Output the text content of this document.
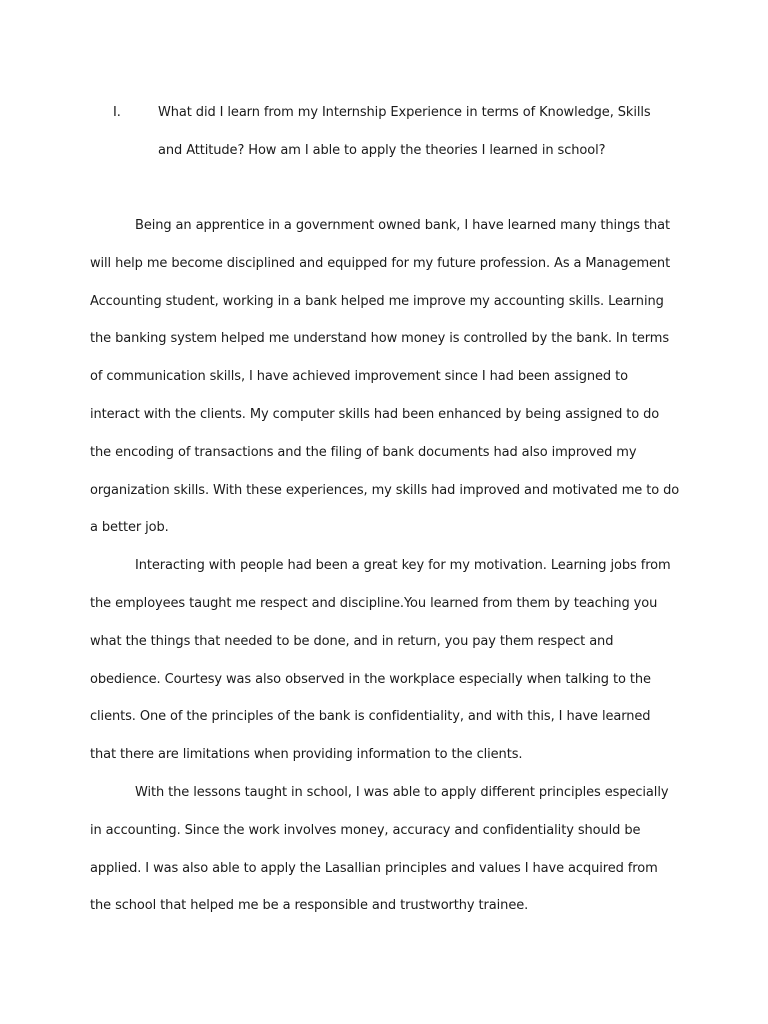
I.	What did I learn from my Internship Experience in terms of Knowledge, Skills and Attitude? How am I able to apply the theories I learned in school?

Being an apprentice in a government owned bank, I have learned many things that will help me become disciplined and equipped for my future profession. As a Management Accounting student, working in a bank helped me improve my accounting skills. Learning the banking system helped me understand how money is controlled by the bank. In terms of communication skills, I have achieved improvement since I had been assigned to interact with the clients. My computer skills had been enhanced by being assigned to do the encoding of transactions and the filing of bank documents had also improved my organization skills. With these experiences, my skills had improved and motivated me to do a better job.

Interacting with people had been a great key for my motivation. Learning jobs from the employees taught me respect and discipline.You learned from them by teaching you what the things that needed to be done, and in return, you pay them respect and obedience. Courtesy was also observed in the workplace especially when talking to the clients. One of the principles of the bank is confidentiality, and with this, I have learned that there are limitations when providing information to the clients.

With the lessons taught in school, I was able to apply different principles especially in accounting. Since the work involves money, accuracy and confidentiality should be applied. I was also able to apply the Lasallian principles and values I have acquired from the school that helped me be a responsible and trustworthy trainee.
